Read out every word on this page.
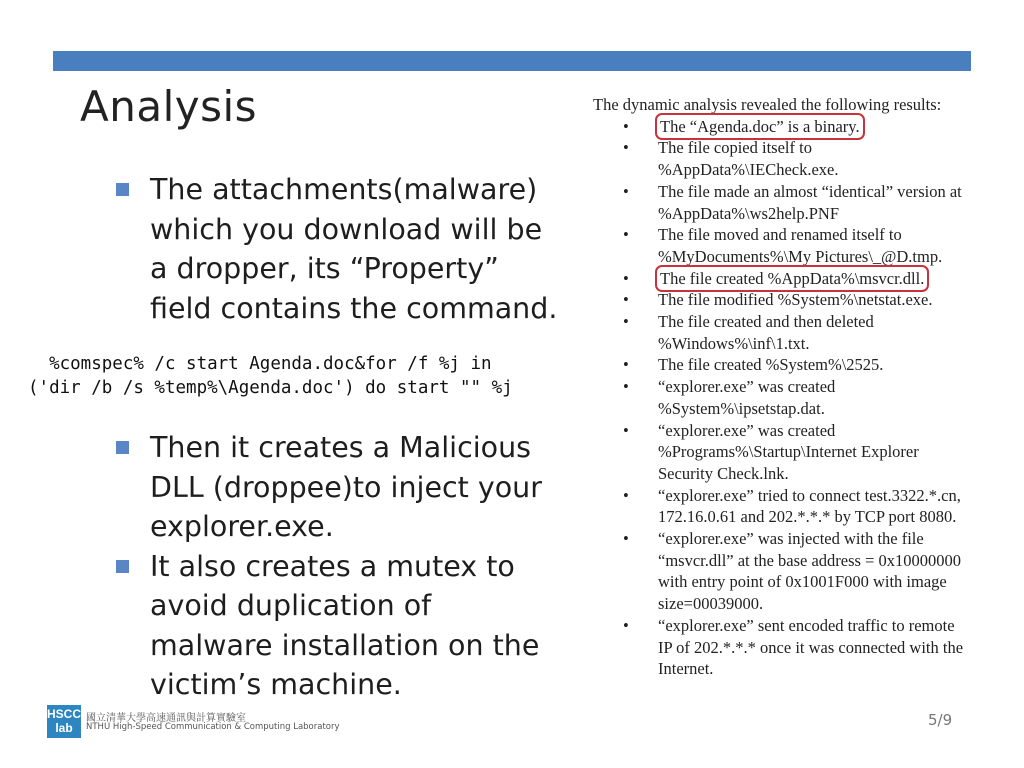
Analysis
The attachments(malware)
which you download will be
a dropper, its “Property”
field contains the command.
%comspec% /c start Agenda.doc&for /f %j in
('dir /b /s %temp%\Agenda.doc') do start "" %j
Then it creates a Malicious
DLL (droppee)to inject your
explorer.exe.
It also creates a mutex to
avoid duplication of
malware installation on the
victim’s machine.
The dynamic analysis revealed the following results:
• The “Agenda.doc” is a binary.
• The file copied itself to
%AppData%\IECheck.exe.
• The file made an almost “identical” version at
%AppData%\ws2help.PNF
• The file moved and renamed itself to
%MyDocuments%\My Pictures\_@D.tmp.
• The file created %AppData%\msvcr.dll.
• The file modified %System%\netstat.exe.
• The file created and then deleted
%Windows%\inf\1.txt.
• The file created %System%\2525.
• “explorer.exe” was created
%System%\ipsetstap.dat.
• “explorer.exe” was created
%Programs%\Startup\Internet Explorer
Security Check.lnk.
• “explorer.exe” tried to connect test.3322.*.cn,
172.16.0.61 and 202.*.*.* by TCP port 8080.
• “explorer.exe” was injected with the file
“msvcr.dll” at the base address = 0x10000000
with entry point of 0x1001F000 with image
size=00039000.
• “explorer.exe” sent encoded traffic to remote
IP of 202.*.*.* once it was connected with the
Internet.
HSCC
lab
國立清華大學高速通訊與計算實驗室
NTHU High-Speed Communication & Computing Laboratory	5/9
